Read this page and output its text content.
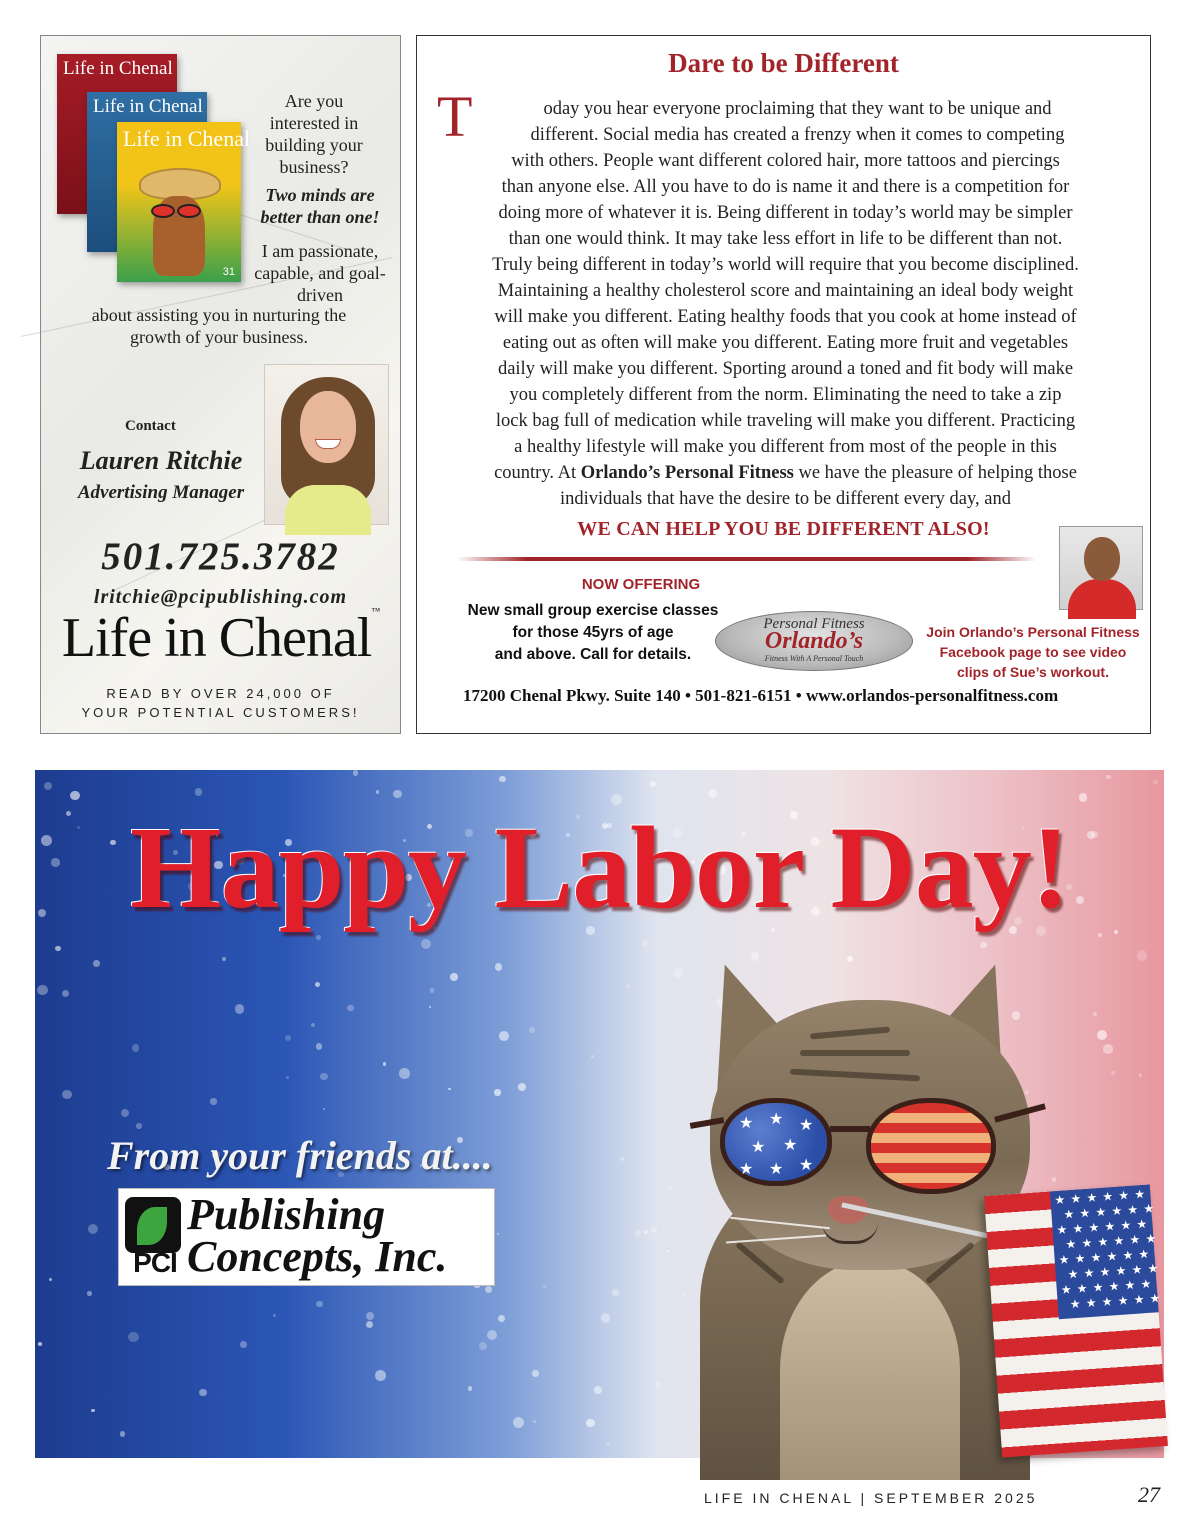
Life in Chenal
Life in Chenal
Life in Chenal
31
Are you interested in building your business?
Two minds are better than one!
I am passionate, capable, and goal-driven
about assisting you in nurturing the growth of your business.
Contact
Lauren Ritchie
Advertising Manager
501.725.3782
lritchie@pcipublishing.com
Life in Chenal™
READ BY OVER 24,000 OF
YOUR POTENTIAL CUSTOMERS!
Dare to be Different
T	oday you hear everyone proclaiming that they want to be unique and
different. Social media has created a frenzy when it comes to competing
with others. People want different colored hair, more tattoos and piercings
than anyone else. All you have to do is name it and there is a competition for
doing more of whatever it is. Being different in today’s world may be simpler
than one would think. It may take less effort in life to be different than not.
Truly being different in today’s world will require that you become disciplined.
Maintaining a healthy cholesterol score and maintaining an ideal body weight
will make you different. Eating healthy foods that you cook at home instead of
eating out as often will make you different. Eating more fruit and vegetables
daily will make you different. Sporting around a toned and fit body will make
you completely different from the norm. Eliminating the need to take a zip
lock bag full of medication while traveling will make you different. Practicing
a healthy lifestyle will make you different from most of the people in this
country. At Orlando’s Personal Fitness we have the pleasure of helping those
individuals that have the desire to be different every day, and
WE CAN HELP YOU BE DIFFERENT ALSO!
NOW OFFERING
New small group exercise classes
for those 45yrs of age
and above. Call for details.
Personal Fitness
Orlando’s
Fitness With A Personal Touch
Join Orlando’s Personal Fitness
Facebook page to see video
clips of Sue’s workout.
17200 Chenal Pkwy. Suite 140 • 501-821-6151 • www.orlandos-personalfitness.com
Happy Labor Day!
From your friends at....
PCI
Publishing
Concepts, Inc.
★ ★ ★
★ ★
★ ★ ★
★ ★ ★ ★ ★ ★
★ ★ ★ ★ ★ ★
★ ★ ★ ★ ★ ★
★ ★ ★ ★ ★ ★
★ ★ ★ ★ ★ ★
★ ★ ★ ★ ★ ★
★ ★ ★ ★ ★ ★
★ ★ ★ ★ ★ ★
LIFE IN CHENAL | SEPTEMBER 2025	27
